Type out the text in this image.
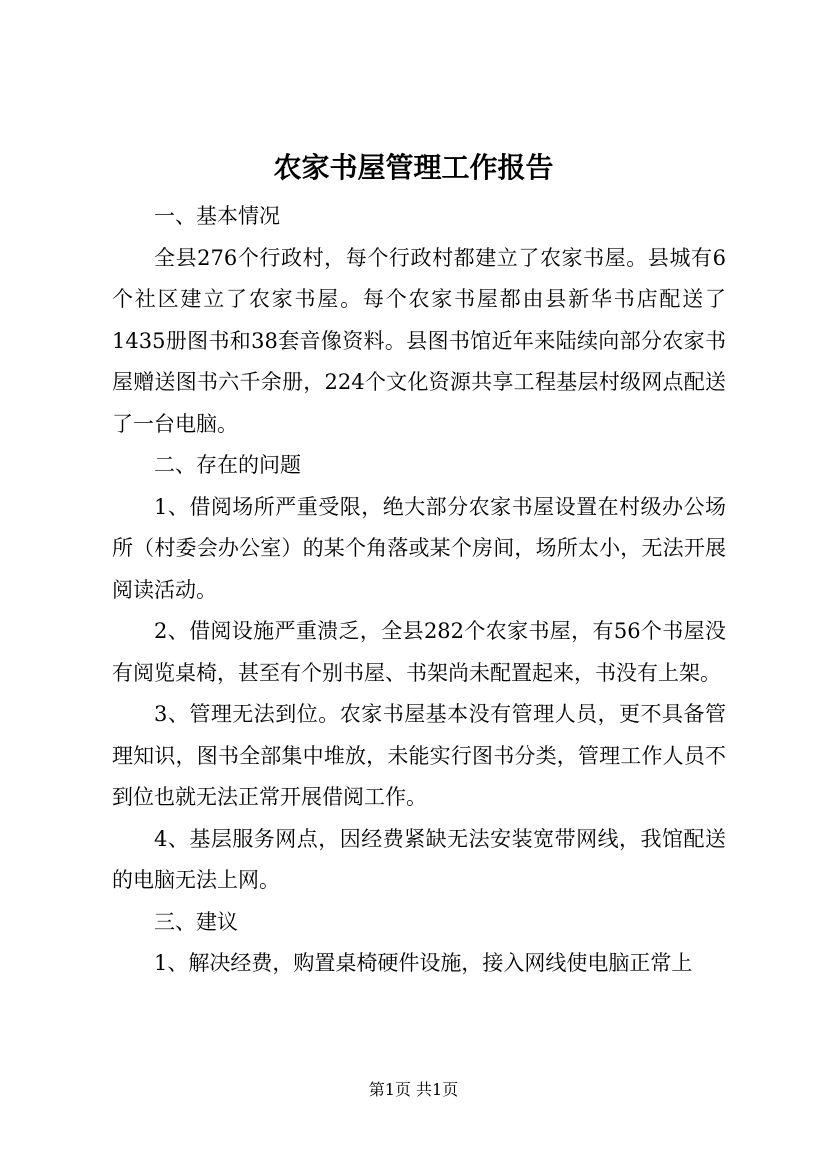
农家书屋管理工作报告

一、基本情况

全县276个行政村，每个行政村都建立了农家书屋。县城有6个社区建立了农家书屋。每个农家书屋都由县新华书店配送了1435册图书和38套音像资料。县图书馆近年来陆续向部分农家书屋赠送图书六千余册，224个文化资源共享工程基层村级网点配送了一台电脑。

二、存在的问题

1、借阅场所严重受限，绝大部分农家书屋设置在村级办公场所（村委会办公室）的某个角落或某个房间，场所太小，无法开展阅读活动。

2、借阅设施严重溃乏，全县282个农家书屋，有56个书屋没有阅览桌椅，甚至有个别书屋、书架尚未配置起来，书没有上架。

3、管理无法到位。农家书屋基本没有管理人员，更不具备管理知识，图书全部集中堆放，未能实行图书分类，管理工作人员不到位也就无法正常开展借阅工作。

4、基层服务网点，因经费紧缺无法安装宽带网线，我馆配送的电脑无法上网。

三、建议

1、解决经费，购置桌椅硬件设施，接入网线使电脑正常上

第1页 共1页
